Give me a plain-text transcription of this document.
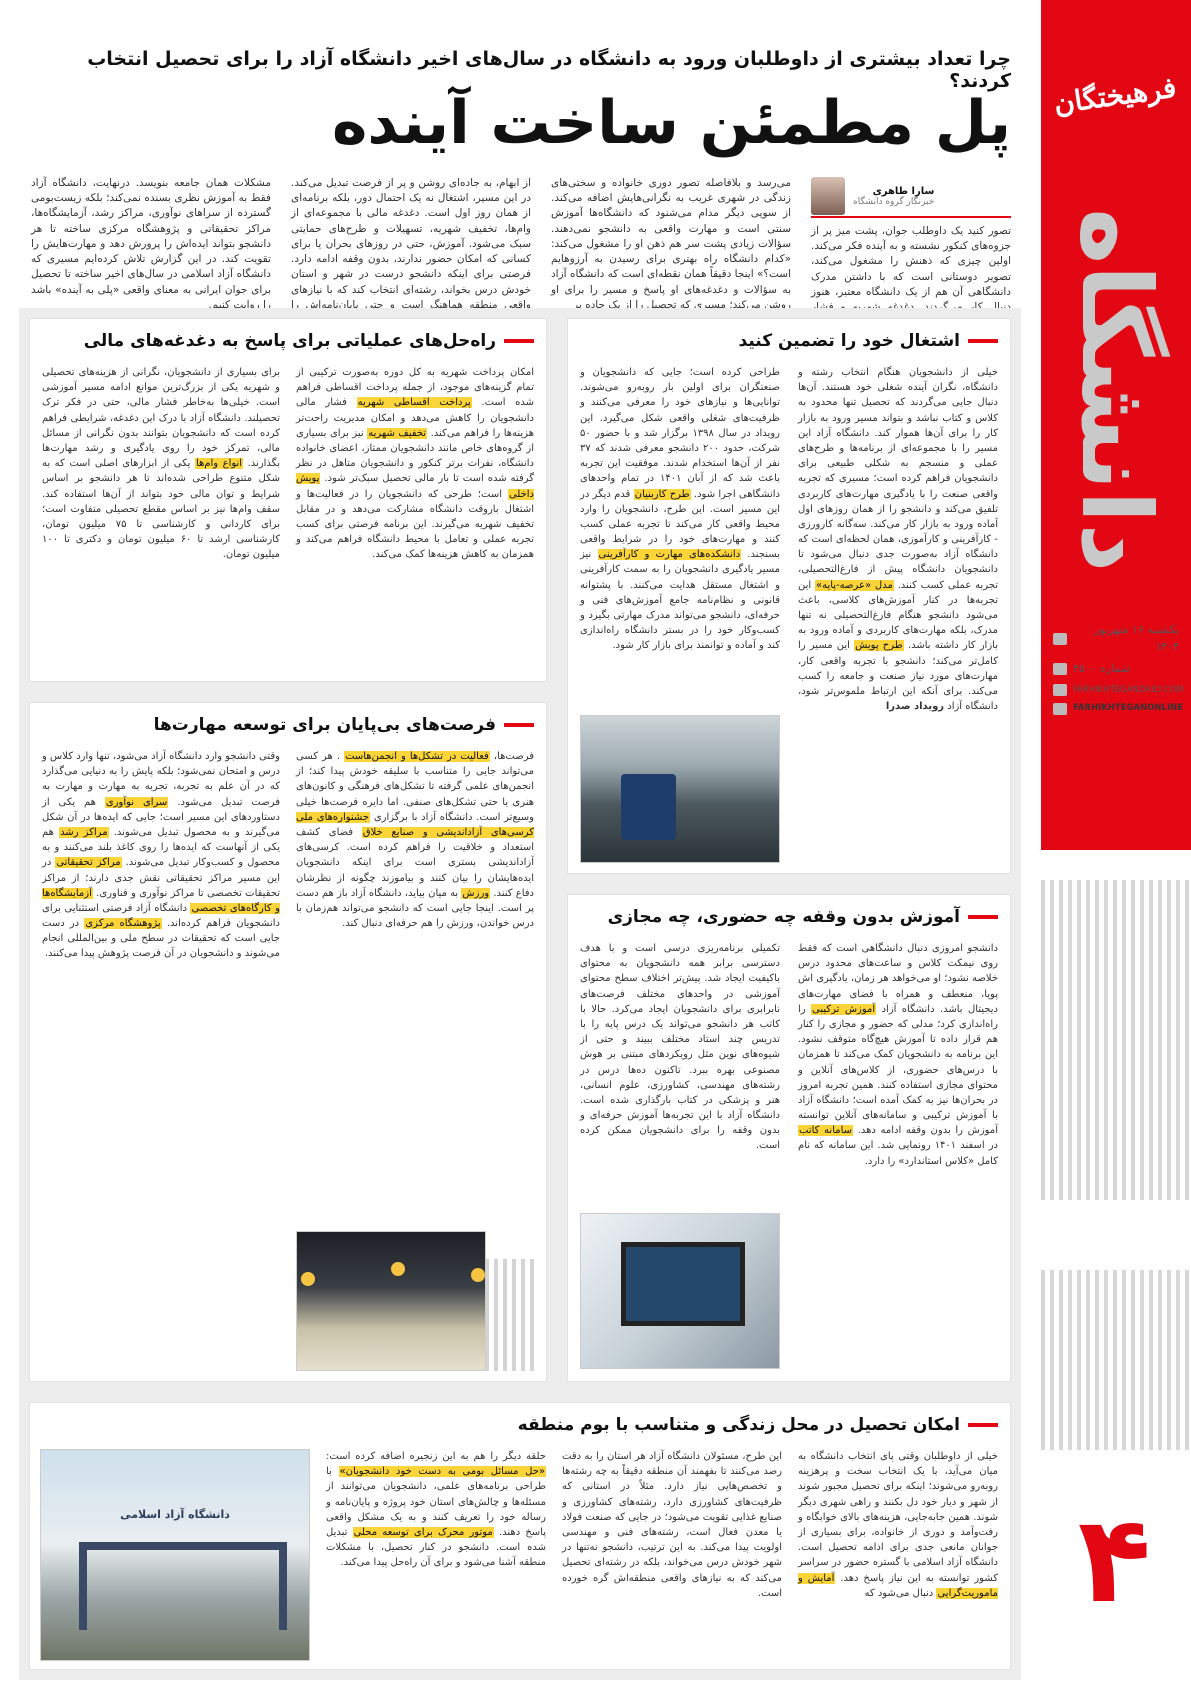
فرهیختگان
دانشگاه
۴
یکشنبه ۱۶ شهریور ۱۴۰۴
شماره ۴۵۰۰
FARHIKHTEGANDAILY.COM
FARHIKHTEGANONLINE
چرا تعداد بیشتری از داوطلبان ورود به دانشگاه در سال‌های اخیر دانشگاه آزاد را برای تحصیل انتخاب کردند؟
پل مطمئن ساخت آینده
سارا طاهری
خبرنگار گروه دانشگاه
تصور کنید یک داوطلب جوان، پشت میز پر از جزوه‌های کنکور نشسته و به آینده فکر می‌کند. اولین چیزی که ذهنش را مشغول می‌کند، تصویر دوستانی است که با داشتن مدرک دانشگاهی آن هم از یک دانشگاه معتبر، هنوز دنبال کار می‌گردند. دغدغه شهریه و فشار
می‌رسد و بلافاصله تصور دوری خانواده و سختی‌های زندگی در شهری غریب به نگرانی‌هایش اضافه می‌کند. از سویی دیگر مدام می‌شنود که دانشگاه‌ها آموزش سنتی است و مهارت واقعی به دانشجو نمی‌دهند. سؤالات زیادی پشت سر هم ذهن او را مشغول می‌کند: «کدام دانشگاه راه بهتری برای رسیدن به آرزوهایم است؟» اینجا دقیقاً همان نقطه‌ای است که دانشگاه آزاد به سؤالات و دغدغه‌های او پاسخ و مسیر را برای او روشن می‌کند؛ مسیری که تحصیل را از یک جاده پر
از ابهام، به جاده‌ای روشن و پر از فرصت تبدیل می‌کند. در این مسیر، اشتغال نه یک احتمال دور، بلکه برنامه‌ای از همان روز اول است. دغدغه مالی با مجموعه‌ای از وام‌ها، تخفیف شهریه، تسهیلات و طرح‌های حمایتی سبک می‌شود. آموزش، حتی در روزهای بحران یا برای کسانی که امکان حضور ندارند، بدون وقفه ادامه دارد. فرصتی برای اینکه دانشجو درست در شهر و استان خودش درس بخواند، رشته‌ای انتخاب کند که با نیازهای واقعی منطقه هماهنگ است و حتی پایان‌نامه‌اش را
مشکلات همان جامعه بنویسد. درنهایت، دانشگاه آزاد فقط به آموزش نظری بسنده نمی‌کند؛ بلکه زیست‌بومی گسترده از سراهای نوآوری، مراکز رشد، آزمایشگاه‌ها، مراکز تحقیقاتی و پژوهشگاه مرکزی ساخته تا هر دانشجو بتواند ایده‌اش را پرورش دهد و مهارت‌هایش را تقویت کند. در این گزارش تلاش کرده‌ایم مسیری که دانشگاه آزاد اسلامی در سال‌های اخیر ساخته تا تحصیل برای جوان ایرانی به معنای واقعی «پلی به آینده» باشد را روایت کنیم.
اشتغال خود را تضمین کنید
خیلی از دانشجویان هنگام انتخاب رشته و دانشگاه، نگران آینده شغلی خود هستند. آن‌ها دنبال جایی می‌گردند که تحصیل تنها محدود به کلاس و کتاب نباشد و بتواند مسیر ورود به بازار کار را برای آن‌ها هموار کند. دانشگاه آزاد این مسیر را با مجموعه‌ای از برنامه‌ها و طرح‌های عملی و منسجم به شکلی طبیعی برای دانشجویان فراهم کرده است؛ مسیری که تجربه واقعی صنعت را با یادگیری مهارت‌های کاربردی تلفیق می‌کند و دانشجو را از همان روزهای اول آماده ورود به بازار کار می‌کند. سه‌گانه کارورزی - کارآفرینی و کارآموزی، همان لحظه‌ای است که دانشگاه آزاد به‌صورت جدی دنبال می‌شود تا دانشجویان دانشگاه پیش از فارغ‌التحصیلی، تجربه عملی کسب کنند. مدل «عرصه-پایه» این تجربه‌ها در کنار آموزش‌های کلاسی، باعث می‌شود دانشجو هنگام فارغ‌التحصیلی نه تنها مدرک، بلکه مهارت‌های کاربردی و آماده ورود به بازار کار داشته باشد. طرح پویش این مسیر را کامل‌تر می‌کند؛ دانشجو با تجربه واقعی کار، مهارت‌های مورد نیاز صنعت و جامعه را کسب می‌کند. برای آنکه این ارتباط ملموس‌تر شود، دانشگاه آزاد رویداد صدرا
طراحی کرده است؛ جایی که دانشجویان و صنعتگران برای اولین بار روبه‌رو می‌شوند. توانایی‌ها و نیازهای خود را معرفی می‌کنند و ظرفیت‌های شغلی واقعی شکل می‌گیرد. این رویداد در سال ۱۳۹۸ برگزار شد و با حضور ۵۰ شرکت، حدود ۲۰۰ دانشجو معرفی شدند که ۳۷ نفر از آن‌ها استخدام شدند. موفقیت این تجربه باعث شد که از آبان ۱۴۰۱ در تمام واحدهای دانشگاهی اجرا شود. طرح کاربنیان قدم دیگر در این مسیر است. این طرح، دانشجویان را وارد محیط واقعی کار می‌کند تا تجربه عملی کسب کنند و مهارت‌های خود را در شرایط واقعی بسنجند. دانشکده‌های مهارت و کارآفرینی نیز مسیر یادگیری دانشجویان را به سمت کارآفرینی و اشتغال مستقل هدایت می‌کنند. با پشتوانه قانونی و نظام‌نامه جامع آموزش‌های فنی و حرفه‌ای، دانشجو می‌تواند مدرک مهارتی بگیرد و کسب‌وکار خود را در بستر دانشگاه راه‌اندازی کند و آماده و توانمند برای بازار کار شود.
راه‌حل‌های عملیاتی برای پاسخ به دغدغه‌های مالی
امکان پرداخت شهریه به کل دوره به‌صورت ترکیبی از تمام گزینه‌های موجود، از جمله پرداخت اقساطی فراهم شده است. پرداخت اقساطی شهریه فشار مالی دانشجویان را کاهش می‌دهد و امکان مدیریت راحت‌تر هزینه‌ها را فراهم می‌کند. تخفیف شهریه نیز برای بسیاری از گروه‌های خاص مانند دانشجویان ممتاز، اعضای خانواده دانشگاه، نفرات برتر کنکور و دانشجویان متاهل در نظر گرفته شده است تا بار مالی تحصیل سبک‌تر شود. پویش داخلی است؛ طرحی که دانشجویان را در فعالیت‌ها و اشتغال باروقت دانشگاه مشارکت می‌دهد و در مقابل تخفیف شهریه می‌گیرند. این برنامه فرصتی برای کسب تجربه عملی و تعامل با محیط دانشگاه فراهم می‌کند و همزمان به کاهش هزینه‌ها کمک می‌کند.
برای بسیاری از دانشجویان، نگرانی از هزینه‌های تحصیلی و شهریه یکی از بزرگ‌ترین موانع ادامه مسیر آموزشی است. خیلی‌ها به‌خاطر فشار مالی، حتی در فکر ترک تحصیلند. دانشگاه آزاد با درک این دغدغه، شرایطی فراهم کرده است که دانشجویان بتوانند بدون نگرانی از مسائل مالی، تمرکز خود را روی یادگیری و رشد مهارت‌ها بگذارند. انواع وام‌ها یکی از ابزارهای اصلی است که به شکل متنوع طراحی شده‌اند تا هر دانشجو بر اساس شرایط و توان مالی خود بتواند از آن‌ها استفاده کند. سقف وام‌ها نیز بر اساس مقطع تحصیلی متفاوت است؛ برای کاردانی و کارشناسی تا ۷۵ میلیون تومان، کارشناسی ارشد تا ۶۰ میلیون تومان و دکتری تا ۱۰۰ میلیون تومان.
فرصت‌های بی‌پایان برای توسعه مهارت‌ها
فرصت‌ها، فعالیت در تشکل‌ها و انجمن‌هاست . هر کسی می‌تواند جایی را متناسب با سلیقه خودش پیدا کند؛ از انجمن‌های علمی گرفته تا تشکل‌های فرهنگی و کانون‌های هنری یا حتی تشکل‌های صنفی. اما دایره فرصت‌ها خیلی وسیع‌تر است. دانشگاه آزاد با برگزاری جشنواره‌های ملی کرسی‌های آزاداندیشی و صنایع خلاق فضای کشف استعداد و خلاقیت را فراهم کرده است. کرسی‌های آزاداندیشی بستری است برای اینکه دانشجویان ایده‌هایشان را بیان کنند و بیاموزند چگونه از نظرشان دفاع کنند. ورزش به میان بیاید، دانشگاه آزاد باز هم دست پر است. اینجا جایی است که دانشجو می‌تواند هم‌زمان با درس خواندن، ورزش را هم حرفه‌ای دنبال کند.
وقتی دانشجو وارد دانشگاه آزاد می‌شود، تنها وارد کلاس و درس و امتحان نمی‌شود؛ بلکه پایش را به دنیایی می‌گذارد که در آن علم به تجربه، تجربه به مهارت و مهارت به فرصت تبدیل می‌شود. سرای نوآوری هم یکی از دستاوردهای این مسیر است؛ جایی که ایده‌ها در آن شکل می‌گیرند و به محصول تبدیل می‌شوند. مراکز رشد هم یکی از آنهاست که ایده‌ها را روی کاغذ بلند می‌کنند و به محصول و کسب‌وکار تبدیل می‌شوند. مراکز تحقیقاتی در این مسیر مراکز تحقیقاتی نقش جدی دارند؛ از مراکز تحقیقات تخصصی تا مراکز نوآوری و فناوری. آزمایشگاه‌ها و کارگاه‌های تخصصی دانشگاه آزاد فرصتی استثنایی برای دانشجویان فراهم کرده‌اند. پژوهشگاه مرکزی در دست جایی است که تحقیقات در سطح ملی و بین‌المللی انجام می‌شوند و دانشجویان در آن فرصت پژوهش پیدا می‌کنند.
آموزش بدون وقفه چه حضوری، چه مجازی
دانشجو امروزی دنبال دانشگاهی است که فقط روی نیمکت کلاس و ساعت‌های محدود درس خلاصه نشود؛ او می‌خواهد هر زمان، یادگیری اش پویا، منعطف و همراه با فضای مهارت‌های دیجیتال باشد. دانشگاه آزاد آموزش ترکیبی را راه‌اندازی کرد؛ مدلی که حضور و مجازی را کنار هم قرار داده تا آموزش هیچ‌گاه متوقف نشود. این برنامه به دانشجویان کمک می‌کند تا همزمان با درس‌های حضوری، از کلاس‌های آنلاین و محتوای مجازی استفاده کنند. همین تجربه امروز در بحران‌ها نیز به کمک آمده است؛ دانشگاه آزاد با آموزش ترکیبی و سامانه‌های آنلاین توانسته آموزش را بدون وقفه ادامه دهد. سامانه کاتب در اسفند ۱۴۰۱ رونمایی شد. این سامانه که نام کامل «کلاس استاندارد» را دارد.
تکمیلی برنامه‌ریزی درسی است و با هدف دسترسی برابر همه دانشجویان به محتوای باکیفیت ایجاد شد. پیش‌تر اختلاف سطح محتوای آموزشی در واحدهای مختلف فرصت‌های نابرابری برای دانشجویان ایجاد می‌کرد. حالا با کاتب هر دانشجو می‌تواند یک درس پایه را با تدریس چند استاد مختلف ببیند و حتی از شیوه‌های نوین مثل رویکردهای مبتنی بر هوش مصنوعی بهره ببرد. تاکنون ده‌ها درس در رشته‌های مهندسی، کشاورزی، علوم انسانی، هنر و پزشکی در کتاب بارگذاری شده است. دانشگاه آزاد با این تجربه‌ها آموزش حرفه‌ای و بدون وقفه را برای دانشجویان ممکن کرده است.
امکان تحصیل در محل زندگی و متناسب با بوم منطقه
خیلی از داوطلبان وقتی پای انتخاب دانشگاه به میان می‌آید، با یک انتخاب سخت و پرهزینه روبه‌رو می‌شوند؛ اینکه برای تحصیل مجبور شوند از شهر و دیار خود دل بکنند و راهی شهری دیگر شوند. همین جابه‌جایی، هزینه‌های بالای خوابگاه و رفت‌وآمد و دوری از خانواده، برای بسیاری از جوانان مانعی جدی برای ادامه تحصیل است. دانشگاه آزاد اسلامی با گستره حضور در سراسر کشور توانسته به این نیاز پاسخ دهد. آمایش و ماموریت‌گرایی دنبال می‌شود که
این طرح، مسئولان دانشگاه آزاد هر استان را به دقت رصد می‌کنند تا بفهمند آن منطقه دقیقاً به چه رشته‌ها و تخصص‌هایی نیاز دارد. مثلاً در استانی که ظرفیت‌های کشاورزی دارد، رشته‌های کشاورزی و صنایع غذایی تقویت می‌شود؛ در جایی که صنعت فولاد یا معدن فعال است، رشته‌های فنی و مهندسی اولویت پیدا می‌کند. به این ترتیب، دانشجو نه‌تنها در شهر خودش درس می‌خواند، بلکه در رشته‌ای تحصیل می‌کند که به نیازهای واقعی منطقه‌اش گره خورده است.
حلقه دیگر را هم به این زنجیره اضافه کرده است: «حل مسائل بومی به دست خود دانشجویان» با طراحی برنامه‌های علمی، دانشجویان می‌توانند از مسئله‌ها و چالش‌های استان خود پروژه و پایان‌نامه و رساله خود را تعریف کنند و به یک مشکل واقعی پاسخ دهند. موتور محرک برای توسعه محلی تبدیل شده است. دانشجو در کنار تحصیل، با مشکلات منطقه آشنا می‌شود و برای آن راه‌حل پیدا می‌کند.
دانشگاه آزاد اسلامی
